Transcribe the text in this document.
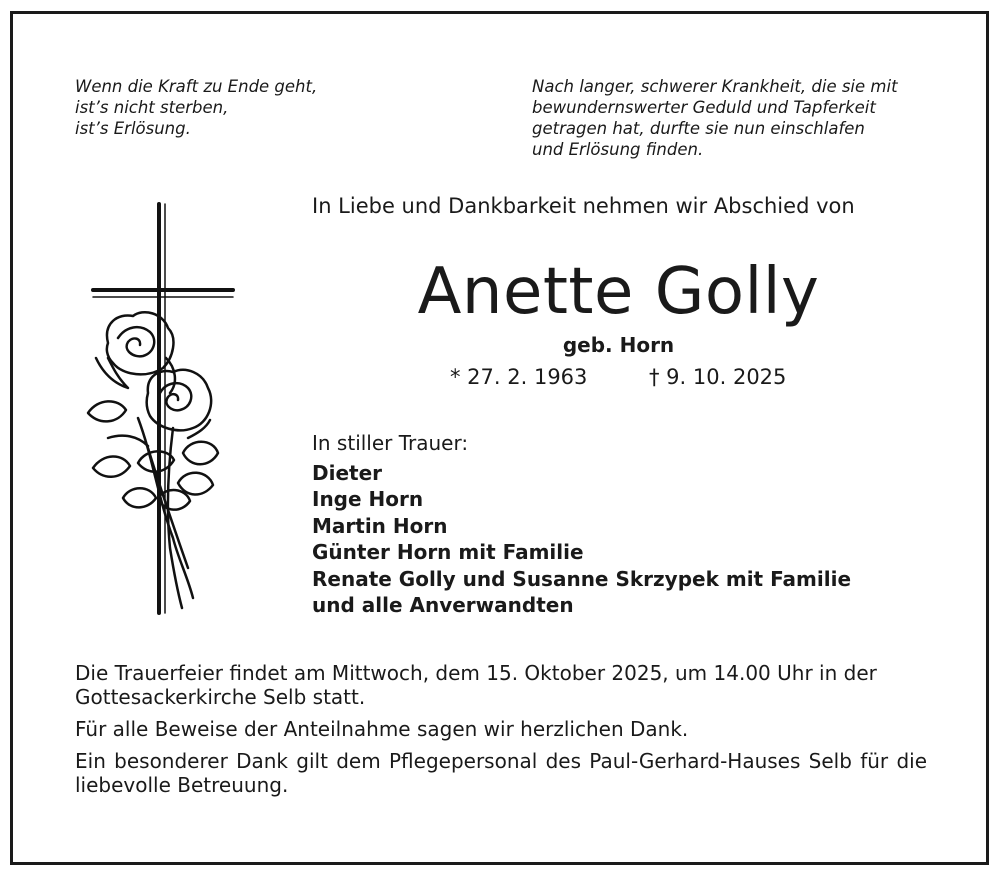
Wenn die Kraft zu Ende geht,
ist’s nicht sterben,
ist’s Erlösung.
Nach langer, schwerer Krankheit, die sie mit
bewundernswerter Geduld und Tapferkeit
getragen hat, durfte sie nun einschlafen
und Erlösung finden.
In Liebe und Dankbarkeit nehmen wir Abschied von
Anette Golly
geb. Horn
* 27. 2. 1963	† 9. 10. 2025
In stiller Trauer:
Dieter
Inge Horn
Martin Horn
Günter Horn mit Familie
Renate Golly und Susanne Skrzypek mit Familie
und alle Anverwandten

Die Trauerfeier findet am Mittwoch, dem 15. Oktober 2025, um 14.00 Uhr in der Gottesackerkirche Selb statt.

Für alle Beweise der Anteilnahme sagen wir herzlichen Dank.

Ein besonderer Dank gilt dem Pflegepersonal des Paul-Gerhard-Hauses Selb für die liebevolle Betreuung.
